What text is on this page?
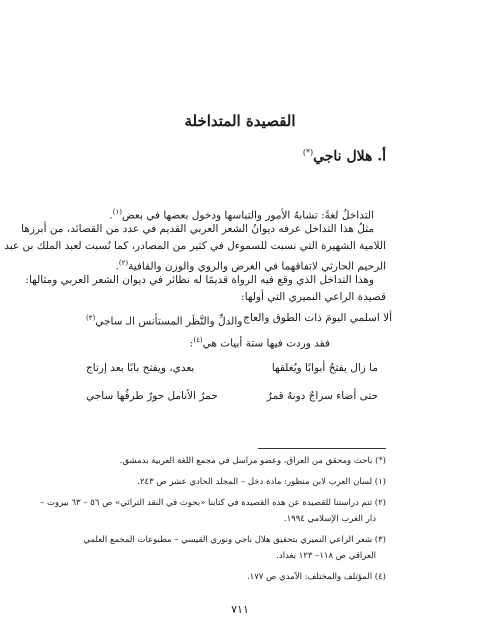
القصيدة المتداخلة
أ. هلال ناجي(*)
التداخلُ لغةً: تشابهُ الأمور والتباسها ودخول بعضها في بعض$^{(١)}$.
مثلُ هذا التداخل عرفه ديوانُ الشعر العربي القديم في عدد من القصائد، من أبرزها
اللامية الشهيرة التي نسبت للسموءل في كثير من المصادر، كما نُسبت لعبد الملك بن عبد
الرحيم الحارثي لاتفاقهما في الغرض والروي والوزن والقافية$^{(٢)}$.
وهذا التداخل الذي وقع فيه الرواة قديمًا له نظائر في ديوان الشعر العربي ومثالها:
قصيدة الراعي النميري التي أولها:
ألا اسلمي اليومَ ذات الطوق والعاج
والدلِّ والنَّظَر المستأنس الـ ساجي$^{(٣)}$
فقد وردت فيها ستة أبيات هي$^{(٤)}$:
ما زال يفتحُ أبوابًا ويُغلقها
بعدي، ويفتح بابًا بعد إرتاج
حتى أضاء سراجٌ دونهُ قمرٌ
حمرُ الأنامل حورٌ طرفُها ساجي
(*) باحث ومحقق من العراق، وعضو مراسل في مجمع اللغة العربية بدمشق.
(١) لسان العرب لابن منظور: مادة دخل – المجلد الحادي عشر ص ٢٤٣.
(٢) تتم دراستنا للقصيدة عن هذه القصيدة في كتابنا «بحوث في النقد التراثي» ص ٥٦ – ٦٣ بيروت –
دار الغرب الإسلامي ١٩٩٤.
(٣) شعر الراعي النميري بتحقيق هلال ناجي ونوري القيسي – مطبوعات المجمع العلمي
العراقي ص ١١٨– ١٢٣ بغداد.
(٤) المؤتلف والمختلف: الآمدي ص ١٧٧.
٧١١
